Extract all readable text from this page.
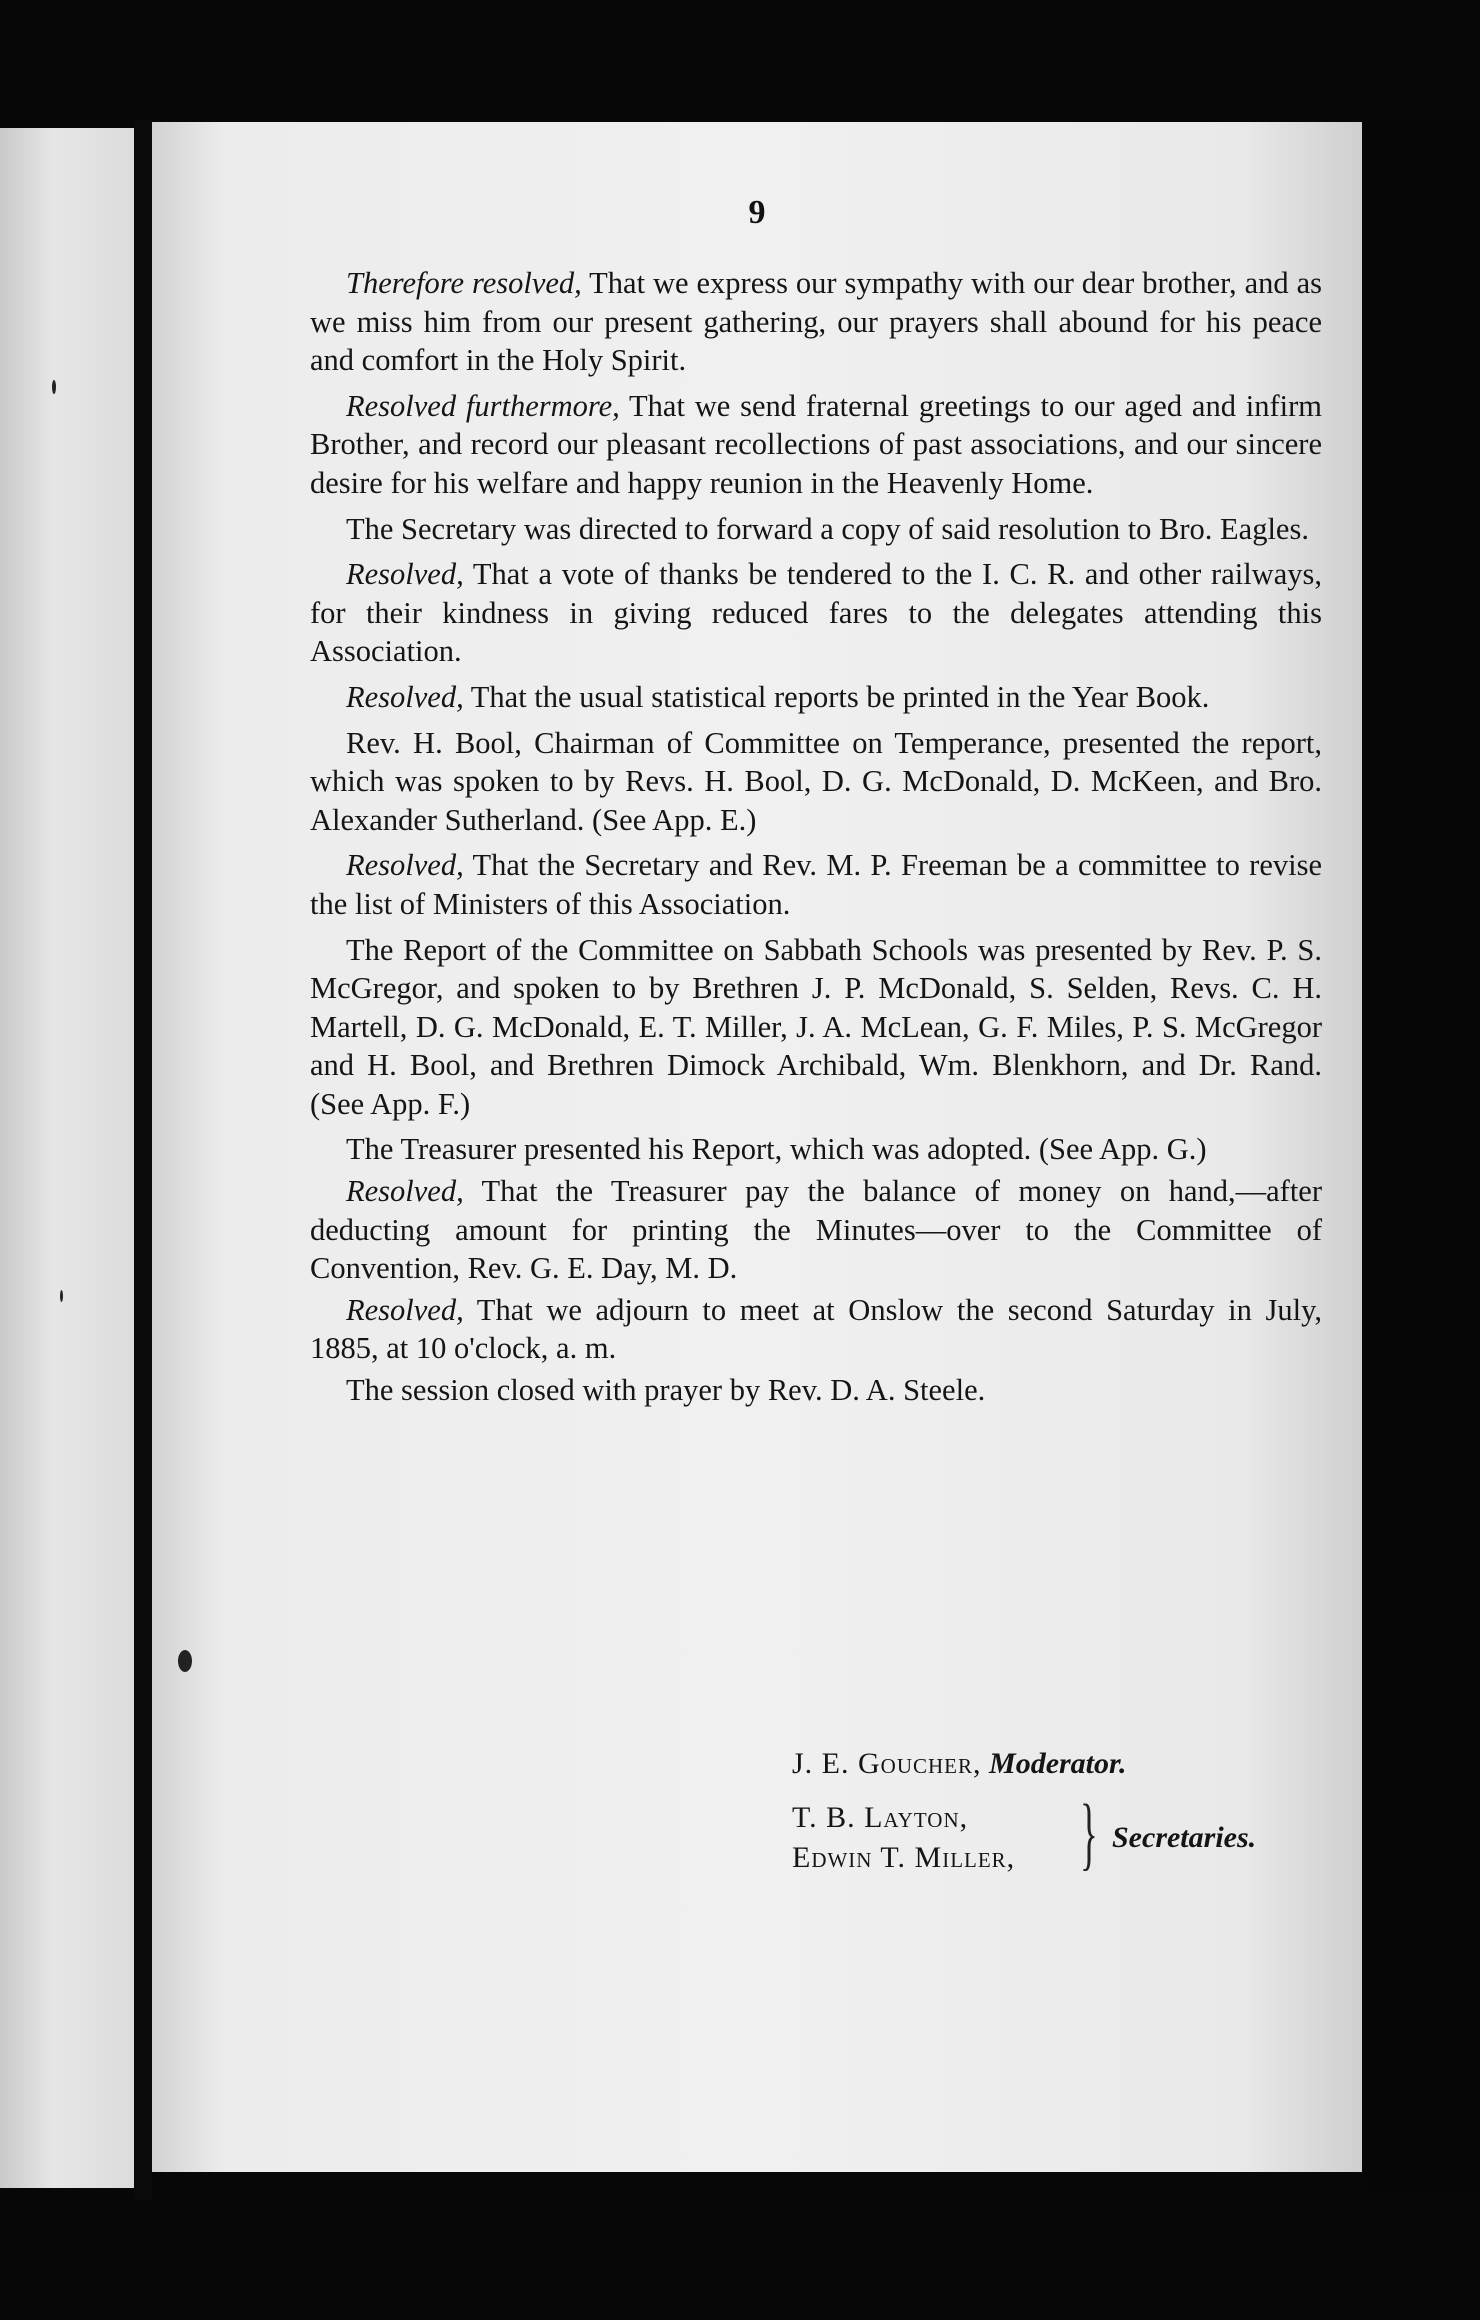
9

Therefore resolved, That we express our sympathy with our dear brother, and as we miss him from our present gathering, our prayers shall abound for his peace and comfort in the Holy Spirit.

Resolved furthermore, That we send fraternal greetings to our aged and infirm Brother, and record our pleasant recollections of past associations, and our sincere desire for his welfare and happy reunion in the Heavenly Home.

The Secretary was directed to forward a copy of said resolution to Bro. Eagles.

Resolved, That a vote of thanks be tendered to the I. C. R. and other railways, for their kindness in giving reduced fares to the delegates attending this Association.

Resolved, That the usual statistical reports be printed in the Year Book.

Rev. H. Bool, Chairman of Committee on Temperance, presented the report, which was spoken to by Revs. H. Bool, D. G. McDonald, D. McKeen, and Bro. Alexander Sutherland. (See App. E.)

Resolved, That the Secretary and Rev. M. P. Freeman be a committee to revise the list of Ministers of this Association.

The Report of the Committee on Sabbath Schools was presented by Rev. P. S. McGregor, and spoken to by Brethren J. P. McDonald, S. Selden, Revs. C. H. Martell, D. G. McDonald, E. T. Miller, J. A. McLean, G. F. Miles, P. S. McGregor and H. Bool, and Brethren Dimock Archibald, Wm. Blenkhorn, and Dr. Rand. (See App. F.)

The Treasurer presented his Report, which was adopted. (See App. G.)

Resolved, That the Treasurer pay the balance of money on hand,—after deducting amount for printing the Minutes—over to the Committee of Convention, Rev. G. E. Day, M. D.

Resolved, That we adjourn to meet at Onslow the second Saturday in July, 1885, at 10 o'clock, a. m.

The session closed with prayer by Rev. D. A. Steele.

J. E. Goucher, Moderator.
T. B. Layton,
Edwin T. Miller, } Secretaries.
